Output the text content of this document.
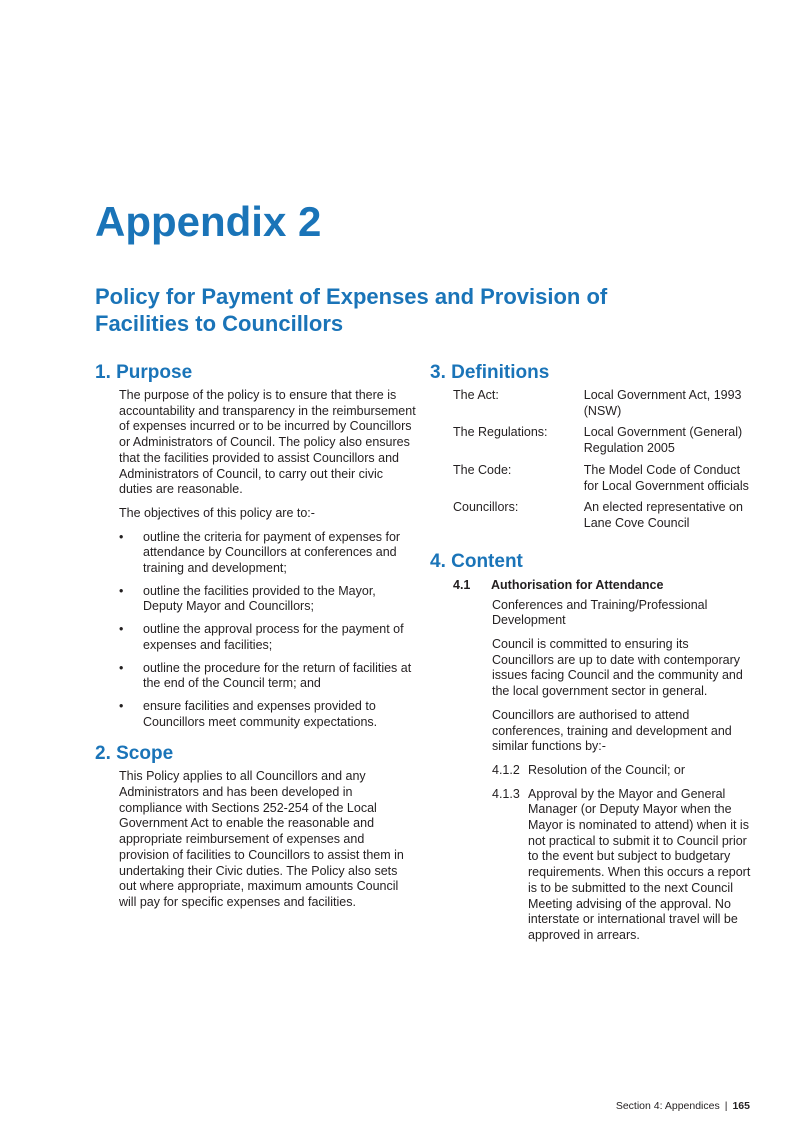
Appendix 2
Policy for Payment of Expenses and Provision of Facilities to Councillors
1. Purpose

The purpose of the policy is to ensure that there is accountability and transparency in the reimbursement of expenses incurred or to be incurred by Councillors or Administrators of Council. The policy also ensures that the facilities provided to assist Councillors and Administrators of Council, to carry out their civic duties are reasonable.

The objectives of this policy are to:-

• outline the criteria for payment of expenses for attendance by Councillors at conferences and training and development;
• outline the facilities provided to the Mayor, Deputy Mayor and Councillors;
• outline the approval process for the payment of expenses and facilities;
• outline the procedure for the return of facilities at the end of the Council term; and
• ensure facilities and expenses provided to Councillors meet community expectations.
2. Scope

This Policy applies to all Councillors and any Administrators and has been developed in compliance with Sections 252-254 of the Local Government Act to enable the reasonable and appropriate reimbursement of expenses and provision of facilities to Councillors to assist them in undertaking their Civic duties. The Policy also sets out where appropriate, maximum amounts Council will pay for specific expenses and facilities.

3. Definitions
The Act:	Local Government Act, 1993 (NSW)
The Regulations:	Local Government (General) Regulation 2005
The Code:	The Model Code of Conduct for Local Government officials
Councillors:	An elected representative on Lane Cove Council
4. Content
4.1	Authorisation for Attendance

Conferences and Training/Professional Development

Council is committed to ensuring its Councillors are up to date with contemporary issues facing Council and the community and the local government sector in general.

Councillors are authorised to attend conferences, training and development and similar functions by:-

4.1.2 Resolution of the Council; or
4.1.3 Approval by the Mayor and General Manager (or Deputy Mayor when the Mayor is nominated to attend) when it is not practical to submit it to Council prior to the event but subject to budgetary requirements. When this occurs a report is to be submitted to the next Council Meeting advising of the approval. No interstate or international travel will be approved in arrears.
Section 4: Appendices | 165
